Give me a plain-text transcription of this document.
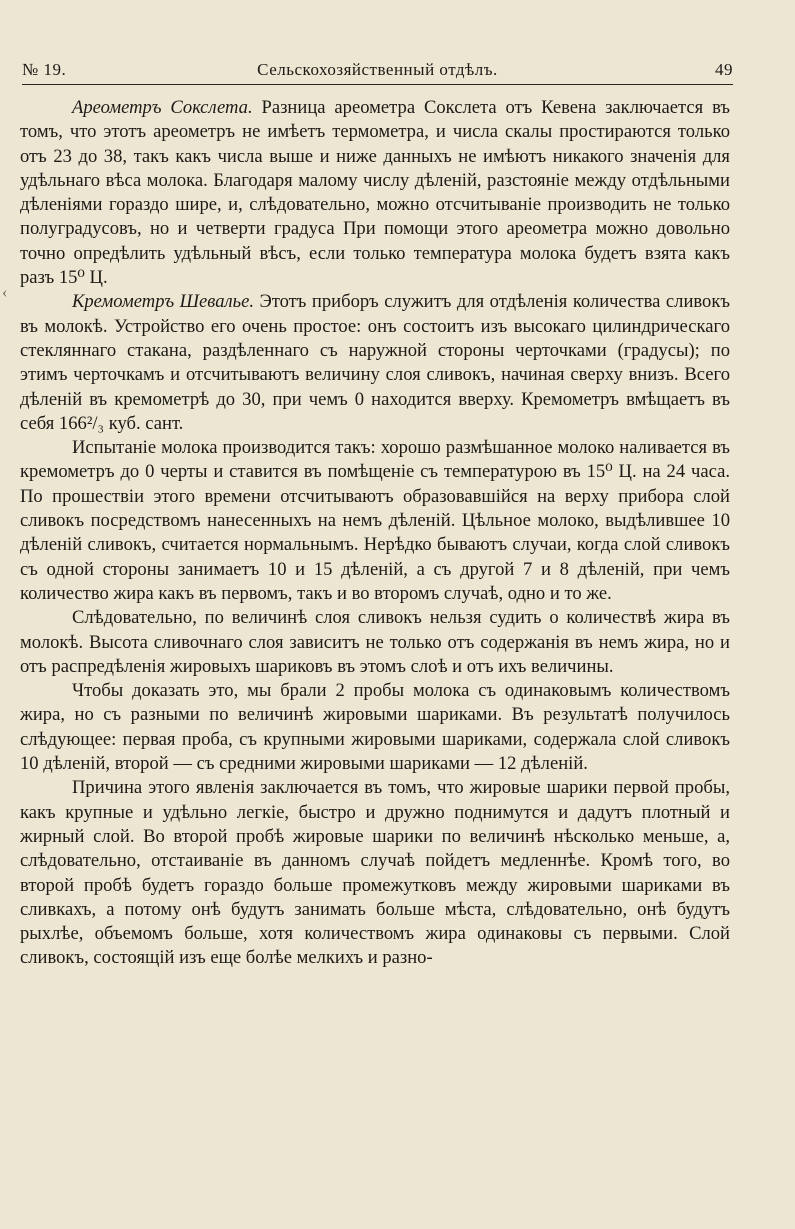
№ 19.	Сельскохозяйственный отдѣлъ.	49
‹

Ареометръ Сокслета. Разница ареометра Сокслета отъ Кевена заключается въ томъ, что этотъ ареометръ не имѣетъ термометра, и числа скалы простираются только отъ 23 до 38, такъ какъ числа выше и ниже данныхъ не имѣютъ никакого значенія для удѣльнаго вѣса молока. Благодаря малому числу дѣленій, разстояніе между отдѣльными дѣленіями гораздо шире, и, слѣдовательно, можно отсчитываніе производить не только полуградусовъ, но и четверти градуса При помощи этого ареометра можно довольно точно опредѣлить удѣльный вѣсъ, если только температура молока будетъ взята какъ разъ 15⁰ Ц.

Кремометръ Шевалье. Этотъ приборъ служитъ для отдѣленія количества сливокъ въ молокѣ. Устройство его очень простое: онъ состоитъ изъ высокаго цилиндрическаго стекляннаго стакана, раздѣленнаго съ наружной стороны черточками (градусы); по этимъ черточкамъ и отсчитываютъ величину слоя сливокъ, начиная сверху внизъ. Всего дѣленій въ кремометрѣ до 30, при чемъ 0 находится вверху. Кремометръ вмѣщаетъ въ себя 166²/₃ куб. сант.

Испытаніе молока производится такъ: хорошо размѣшанное молоко наливается въ кремометръ до 0 черты и ставится въ помѣщеніе съ температурою въ 15⁰ Ц. на 24 часа. По прошествіи этого времени отсчитываютъ образовавшійся на верху прибора слой сливокъ посредствомъ нанесенныхъ на немъ дѣленій. Цѣльное молоко, выдѣлившее 10 дѣленій сливокъ, считается нормальнымъ. Нерѣдко бываютъ случаи, когда слой сливокъ съ одной стороны занимаетъ 10 и 15 дѣленій, а съ другой 7 и 8 дѣленій, при чемъ количество жира какъ въ первомъ, такъ и во второмъ случаѣ, одно и то же.

Слѣдовательно, по величинѣ слоя сливокъ нельзя судить о количествѣ жира въ молокѣ. Высота сливочнаго слоя зависитъ не только отъ содержанія въ немъ жира, но и отъ распредѣленія жировыхъ шариковъ въ этомъ слоѣ и отъ ихъ величины.

Чтобы доказать это, мы брали 2 пробы молока съ одинаковымъ количествомъ жира, но съ разными по величинѣ жировыми шариками. Въ результатѣ получилось слѣдующее: первая проба, съ крупными жировыми шариками, содержала слой сливокъ 10 дѣленій, второй — съ средними жировыми шариками — 12 дѣленій.

Причина этого явленія заключается въ томъ, что жировые шарики первой пробы, какъ крупные и удѣльно легкіе, быстро и дружно поднимутся и дадутъ плотный и жирный слой. Во второй пробѣ жировые шарики по величинѣ нѣсколько меньше, а, слѣдовательно, отстаиваніе въ данномъ случаѣ пойдетъ медленнѣе. Кромѣ того, во второй пробѣ будетъ гораздо больше промежутковъ между жировыми шариками въ сливкахъ, а потому онѣ будутъ занимать больше мѣста, слѣдовательно, онѣ будутъ рыхлѣе, объемомъ больше, хотя количествомъ жира одинаковы съ первыми. Слой сливокъ, состоящій изъ еще болѣе мелкихъ и разно-
